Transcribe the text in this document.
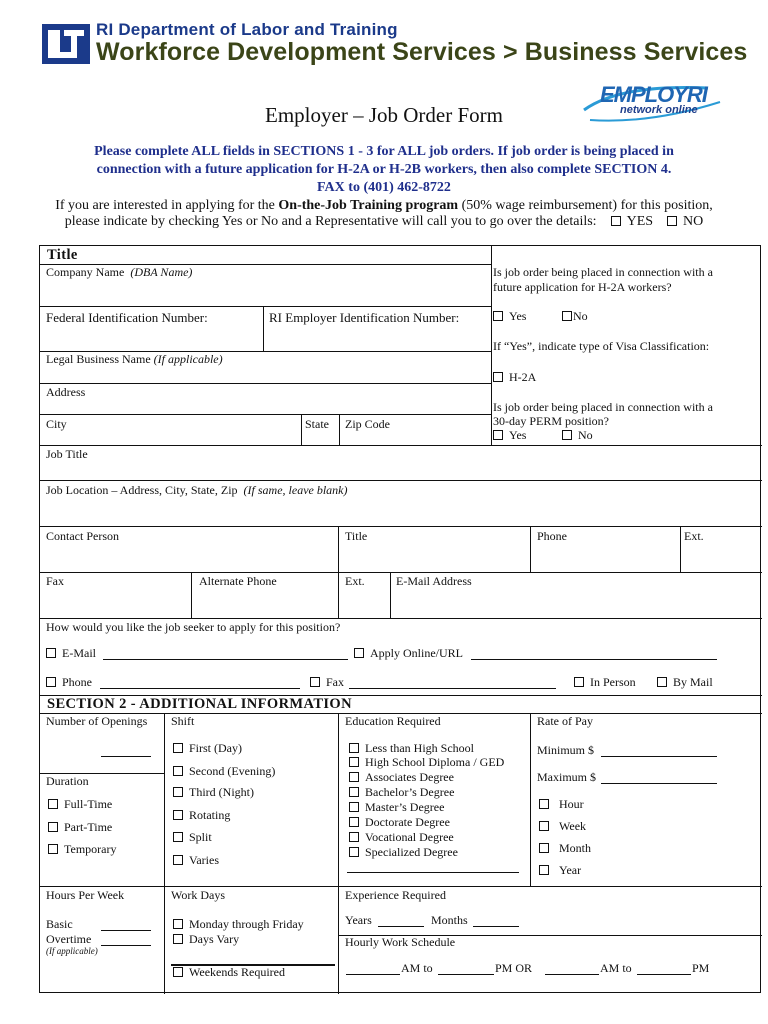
RI Department of Labor and Training
Workforce Development Services > Business Services
EMPLOYRI
network online
Employer – Job Order Form
Please complete ALL fields in SECTIONS 1 - 3 for ALL job orders. If job order is being placed in
connection with a future application for H-2A or H-2B workers, then also complete SECTION 4.
FAX to (401) 462-8722
If you are interested in applying for the On-the-Job Training program (50% wage reimbursement) for this position,
please indicate by checking Yes or No and a Representative will call you to go over the details: YES NO
Title
Company Name (DBA Name)
Federal Identification Number:	RI Employer Identification Number:
Legal Business Name (If applicable)
Address
City	State Zip Code
Is job order being placed in connection with a
future application for H-2A workers?
Yes	No
If “Yes”, indicate type of Visa Classification:
H-2A
Is job order being placed in connection with a
30-day PERM position?
Yes	No
Job Title
Job Location – Address, City, State, Zip (If same, leave blank)
Contact Person	Title	Phone	Ext.
Fax	Alternate Phone	Ext.	E-Mail Address
How would you like the job seeker to apply for this position?
E-Mail	Apply Online/URL
Phone	Fax	In Person	By Mail
SECTION 2 - ADDITIONAL INFORMATION
Number of Openings
Duration
Full-Time
Part-Time
Temporary
Shift
First (Day)
Second (Evening)
Third (Night)
Rotating
Split
Varies
Education Required
Less than High School
High School Diploma / GED
Associates Degree
Bachelor’s Degree
Master’s Degree
Doctorate Degree
Vocational Degree
Specialized Degree
Rate of Pay
Minimum $
Maximum $
Hour
Week
Month
Year
Hours Per Week
Basic
Overtime
(If applicable)
Work Days
Monday through Friday
Days Vary
Weekends Required
Experience Required
Years	Months
Hourly Work Schedule
AM to	PM OR	AM to	PM
